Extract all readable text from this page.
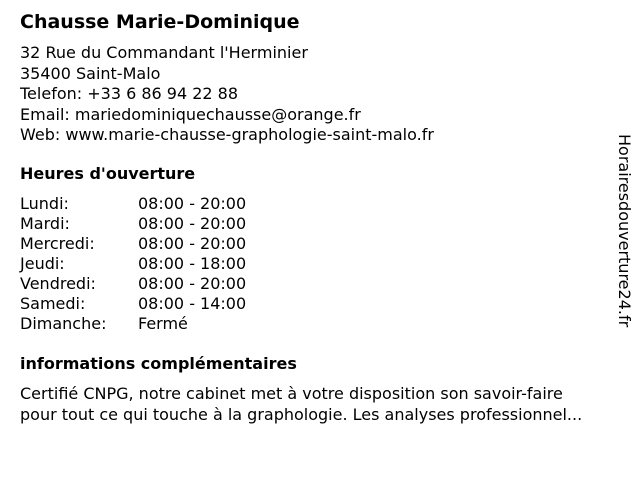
Chausse Marie-Dominique
32 Rue du Commandant l'Herminier
35400 Saint-Malo
Telefon: +33 6 86 94 22 88
Email: mariedominiquechausse@orange.fr
Web: www.marie-chausse-graphologie-saint-malo.fr
Heures d'ouverture
Lundi:	08:00 - 20:00
Mardi:	08:00 - 20:00
Mercredi:	08:00 - 20:00
Jeudi:	08:00 - 18:00
Vendredi:	08:00 - 20:00
Samedi:	08:00 - 14:00
Dimanche: Fermé
informations complémentaires
Certifié CNPG, notre cabinet met à votre disposition son savoir-faire
pour tout ce qui touche à la graphologie. Les analyses professionnel...
Horairesdouverture24.fr
